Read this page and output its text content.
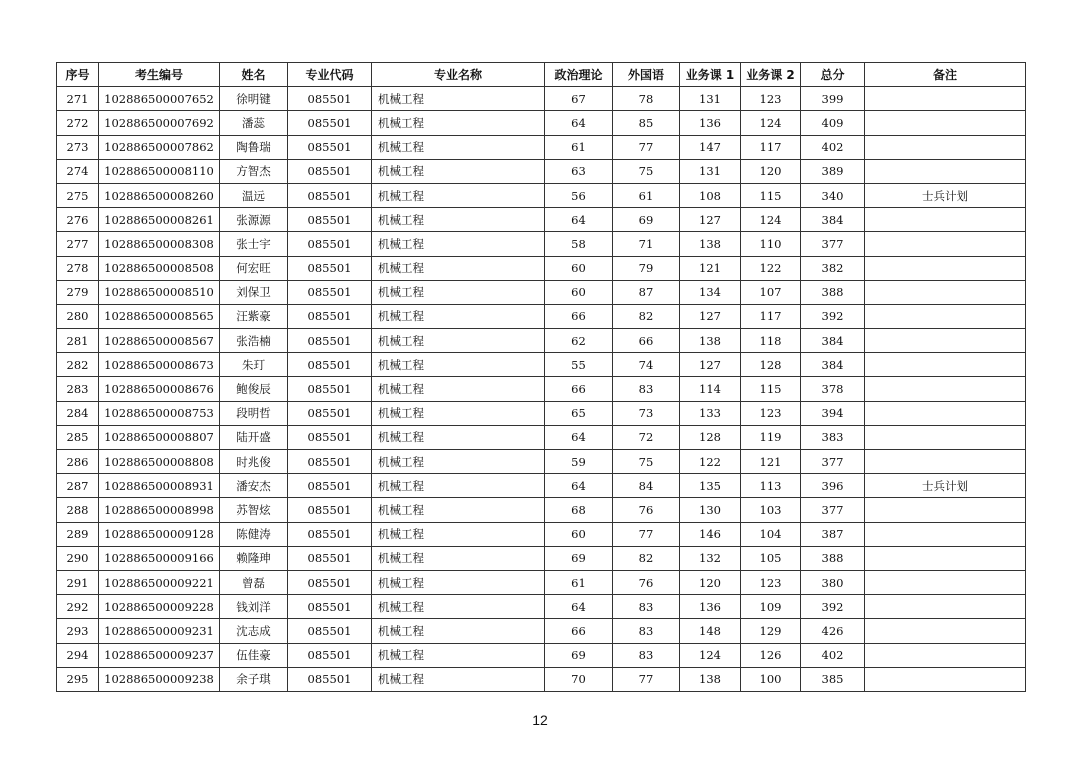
序号	考生编号	姓名	专业代码	专业名称	政治理论	外国语	业务课 1	业务课 2	总分	备注
271	102886500007652	徐明键	085501	机械工程	67	78	131	123	399	
272	102886500007692	潘蕊	085501	机械工程	64	85	136	124	409	
273	102886500007862	陶鲁瑞	085501	机械工程	61	77	147	117	402	
274	102886500008110	方智杰	085501	机械工程	63	75	131	120	389	
275	102886500008260	温远	085501	机械工程	56	61	108	115	340	士兵计划
276	102886500008261	张源源	085501	机械工程	64	69	127	124	384	
277	102886500008308	张士宇	085501	机械工程	58	71	138	110	377	
278	102886500008508	何宏旺	085501	机械工程	60	79	121	122	382	
279	102886500008510	刘保卫	085501	机械工程	60	87	134	107	388	
280	102886500008565	汪紫豪	085501	机械工程	66	82	127	117	392	
281	102886500008567	张浩楠	085501	机械工程	62	66	138	118	384	
282	102886500008673	朱玎	085501	机械工程	55	74	127	128	384	
283	102886500008676	鲍俊辰	085501	机械工程	66	83	114	115	378	
284	102886500008753	段明哲	085501	机械工程	65	73	133	123	394	
285	102886500008807	陆开盛	085501	机械工程	64	72	128	119	383	
286	102886500008808	时兆俊	085501	机械工程	59	75	122	121	377	
287	102886500008931	潘安杰	085501	机械工程	64	84	135	113	396	士兵计划
288	102886500008998	苏智炫	085501	机械工程	68	76	130	103	377	
289	102886500009128	陈健涛	085501	机械工程	60	77	146	104	387	
290	102886500009166	赖隆珅	085501	机械工程	69	82	132	105	388	
291	102886500009221	曾磊	085501	机械工程	61	76	120	123	380	
292	102886500009228	钱刘洋	085501	机械工程	64	83	136	109	392	
293	102886500009231	沈志成	085501	机械工程	66	83	148	129	426	
294	102886500009237	伍佳豪	085501	机械工程	69	83	124	126	402	
295	102886500009238	余子琪	085501	机械工程	70	77	138	100	385	
12
